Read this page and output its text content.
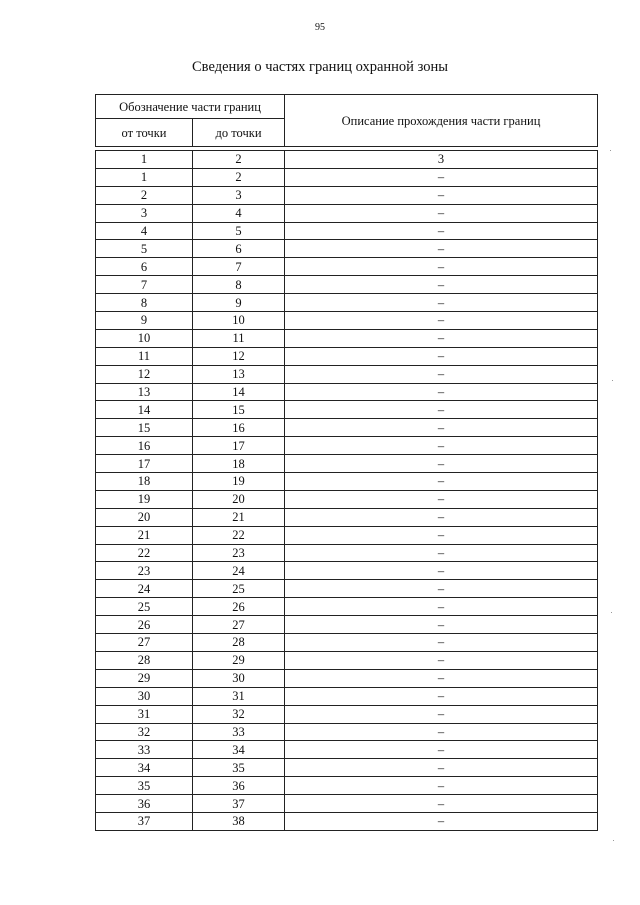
95
Сведения о частях границ охранной зоны
Обозначение части границ		Описание прохождения части границ
от точки	до точки	

1	2	3
1	2	–
2	3	–
3	4	–
4	5	–
5	6	–
6	7	–
7	8	–
8	9	–
9	10	–
10	11	–
11	12	–
12	13	–
13	14	–
14	15	–
15	16	–
16	17	–
17	18	–
18	19	–
19	20	–
20	21	–
21	22	–
22	23	–
23	24	–
24	25	–
25	26	–
26	27	–
27	28	–
28	29	–
29	30	–
30	31	–
31	32	–
32	33	–
33	34	–
34	35	–
35	36	–
36	37	–
37	38	–
